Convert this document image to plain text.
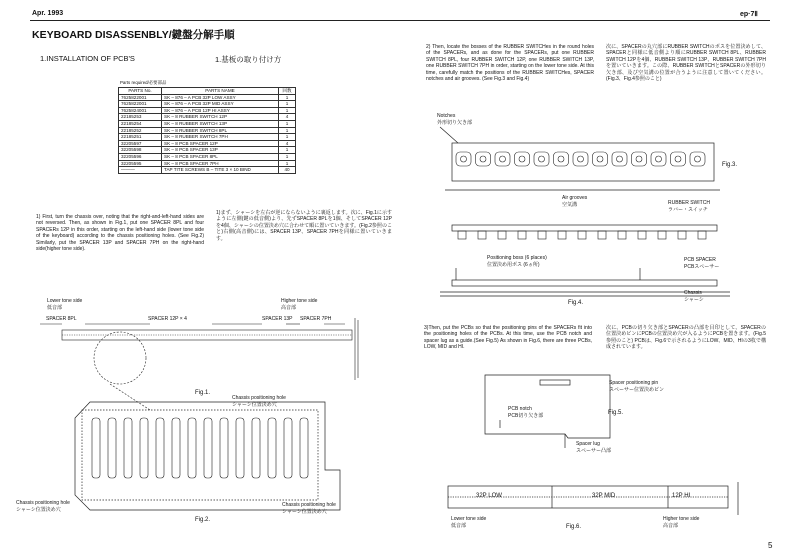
Apr. 1993	ep·7Ⅱ
KEYBOARD DISASSENBLY/鍵盤分解手順
1.INSTALLATION OF PCB'S	1.基板の取り付け方
Parts required/必要部品
PARTS No.	PARTS NAME	回数
7625822001	SK – 876 – A PCB 32P LOW ASSY	1
7625822001	SK – 876 – A PCB 32P MID ASSY	1
7625824001	SK – 876 – A PCB 12P HI ASSY	1
22185253	SK – 8 RUBBER SWITCH 12P	4
22185254	SK – 8 RUBBER SWITCH 13P	1
22185252	SK – 8 RUBBER SWITCH 8PL	1
22185251	SK – 8 RUBBER SWITCH 7PH	1
32205597	SK – 8 PCB SPACER 12P	4
32205598	SK – 8 PCB SPACER 13P	1
32205596	SK – 8 PCB SPACER 8PL	1
32205595	SK – 8 PCB SPACER 7PH	1
———	TAP TITE SCREWS B – TITE 3 × 10 BIND	40
1) First, turn the chassis over, noting that the right-and-left-hand sides are not reversed. Then, as shown in Fig.1, put one SPACER 8PL and four SPACERs 12P in this order, starting on the left-hand side (lower tone side of the keyboard) according to the chassis positioning holes. (See Fig.2) Similarly, put the SPACER 13P and SPACER 7PH on the right-hand side(higher tone side).
1)まず、シャーシを左右が逆にならないように裏返します。次に、Fig.1に示すように左側(鍵の低音側)より、先ずSPACER 8PLを1個、そしてSPACER 12Pを4個、シャーシの位置決め穴に合わせて順に置いていきます。(Fig.2参照のこと)右側(高音側)には、SPACER 13P、SPACER 7PHを同様に置いていきます。
Lower tone side
低音部
Higher tone side
高音部
SPACER 8PL	SPACER 12P × 4	SPACER 13P SPACER 7PH
Fig.1.
Chassis positioning hole
シャーシ位置決め穴
Chassis positioning hole
シャーシ位置決め穴
Chassis positioning hole
シャーシ位置決め穴
Fig.2.
2) Then, locate the bosses of the RUBBER SWITCHes in the round holes of the SPACERs, and as done for the SPACERs, put one RUBBER SWITCH 8PL, four RUBBER SWITCH 12P, one RUBBER SWITCH 13P, one RUBBER SWITCH 7PH in order, starting on the lower tone side. At this time, carefully match the positions of the RUBBER SWITCHes, SPACER notches and air grooves. (See Fig.3 and Fig.4)
次に、SPACERの丸穴部にRUBBER SWITCHのボスを位置決めして、SPACERと同様に低音側より順にRUBBER SWITCH 8PL、RUBBER SWITCH 12Pを4個、RUBBER SWITCH 13P、RUBBER SWITCH 7PHを置いていきます。この際、RUBBER SWITCHとSPACERの外形切り欠き部、及び空気溝の位置が合うように注意して置いてください。(Fig.3、Fig.4参照のこと)
Notches
外形切り欠き部
Air grooves
空気溝
Fig.3.
RUBBER SWITCH
ラバー・スイッチ
Positioning boss (6 places)
位置決め用ボス (6ヵ所)
PCB SPACER
PCBスペーサー
Chassis
シャーシ
Fig.4.
3)Then, put the PCBs so that the positioning pins of the SPACERs fit into the positioning holes of the PCBs. At this time, use the PCB notch and spacer lug as a guide.(See Fig.5) As shown in Fig.6, there are three PCBs, LOW, MID and HI.
次に、PCBの切り欠き部とSPACERの凸部を目印として、SPACERの位置決めピンにPCBの位置決め穴が入るようにPCBを置きます。(Fig.5参照のこと) PCBは、Fig.6で示されるようにLOW、MID、HIの3枚で構成されています。
Spacer positioning pin
スペーサー位置決めピン
PCB notch
PCB切り欠き部	Fig.5.
Spacer lug
スペーサー凸部
32P LOW	32P MID	12P HI
Lower tone side
低音部	Fig.6.
Higher tone side
高音部
5
